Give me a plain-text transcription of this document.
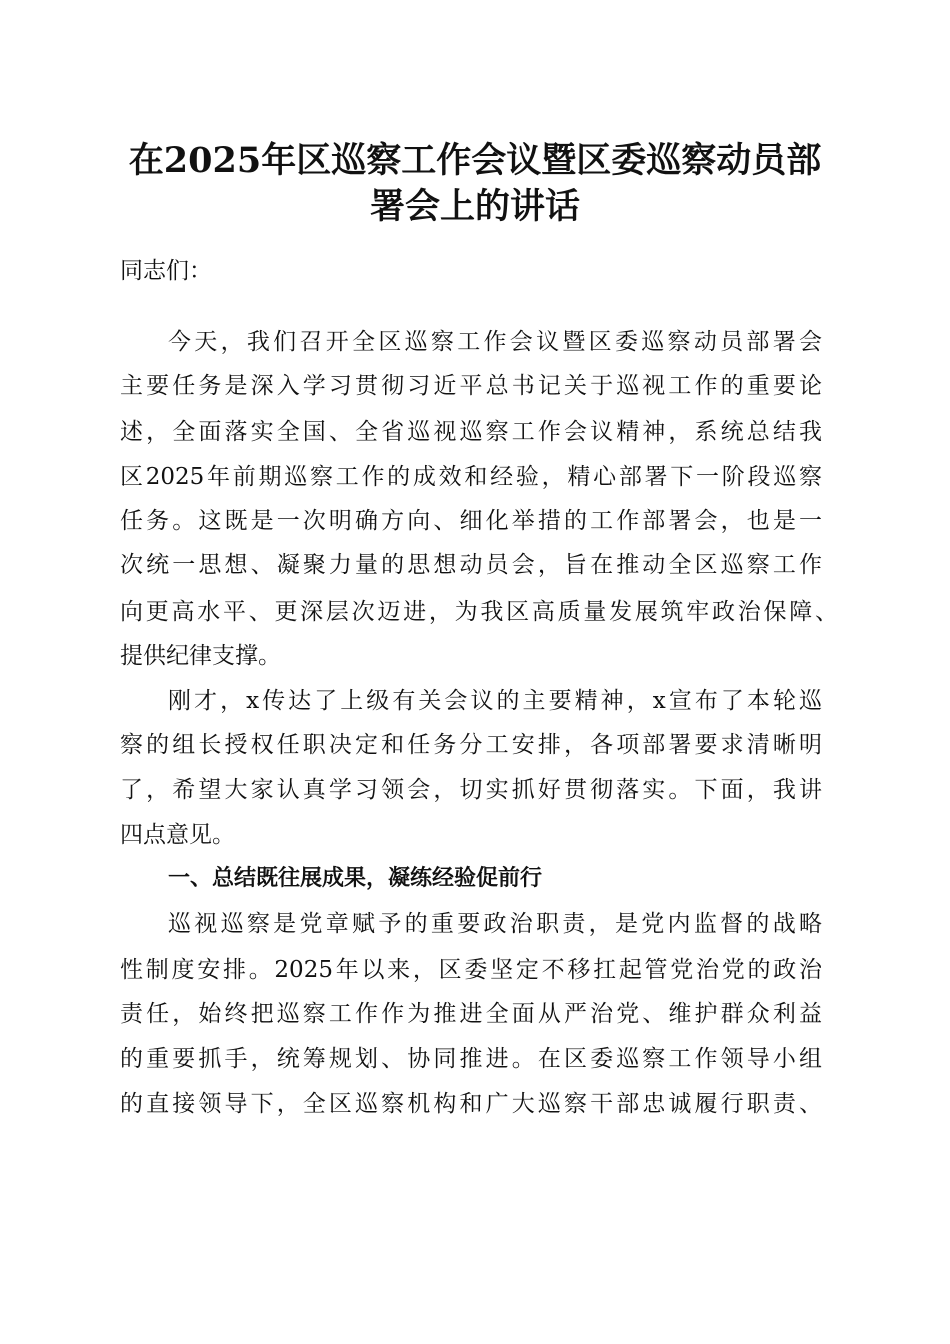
在2025年区巡察工作会议暨区委巡察动员部
署会上的讲话
同志们：
今天，我们召开全区巡察工作会议暨区委巡察动员部署会
主要任务是深入学习贯彻习近平总书记关于巡视工作的重要论
述，全面落实全国、全省巡视巡察工作会议精神，系统总结我
区2025年前期巡察工作的成效和经验，精心部署下一阶段巡察
任务。这既是一次明确方向、细化举措的工作部署会，也是一
次统一思想、凝聚力量的思想动员会，旨在推动全区巡察工作
向更高水平、更深层次迈进，为我区高质量发展筑牢政治保障、
提供纪律支撑。
刚才，x传达了上级有关会议的主要精神，x宣布了本轮巡
察的组长授权任职决定和任务分工安排，各项部署要求清晰明
了，希望大家认真学习领会，切实抓好贯彻落实。下面，我讲
四点意见。
一、总结既往展成果，凝练经验促前行
巡视巡察是党章赋予的重要政治职责，是党内监督的战略
性制度安排。2025年以来，区委坚定不移扛起管党治党的政治
责任，始终把巡察工作作为推进全面从严治党、维护群众利益
的重要抓手，统筹规划、协同推进。在区委巡察工作领导小组
的直接领导下，全区巡察机构和广大巡察干部忠诚履行职责、
